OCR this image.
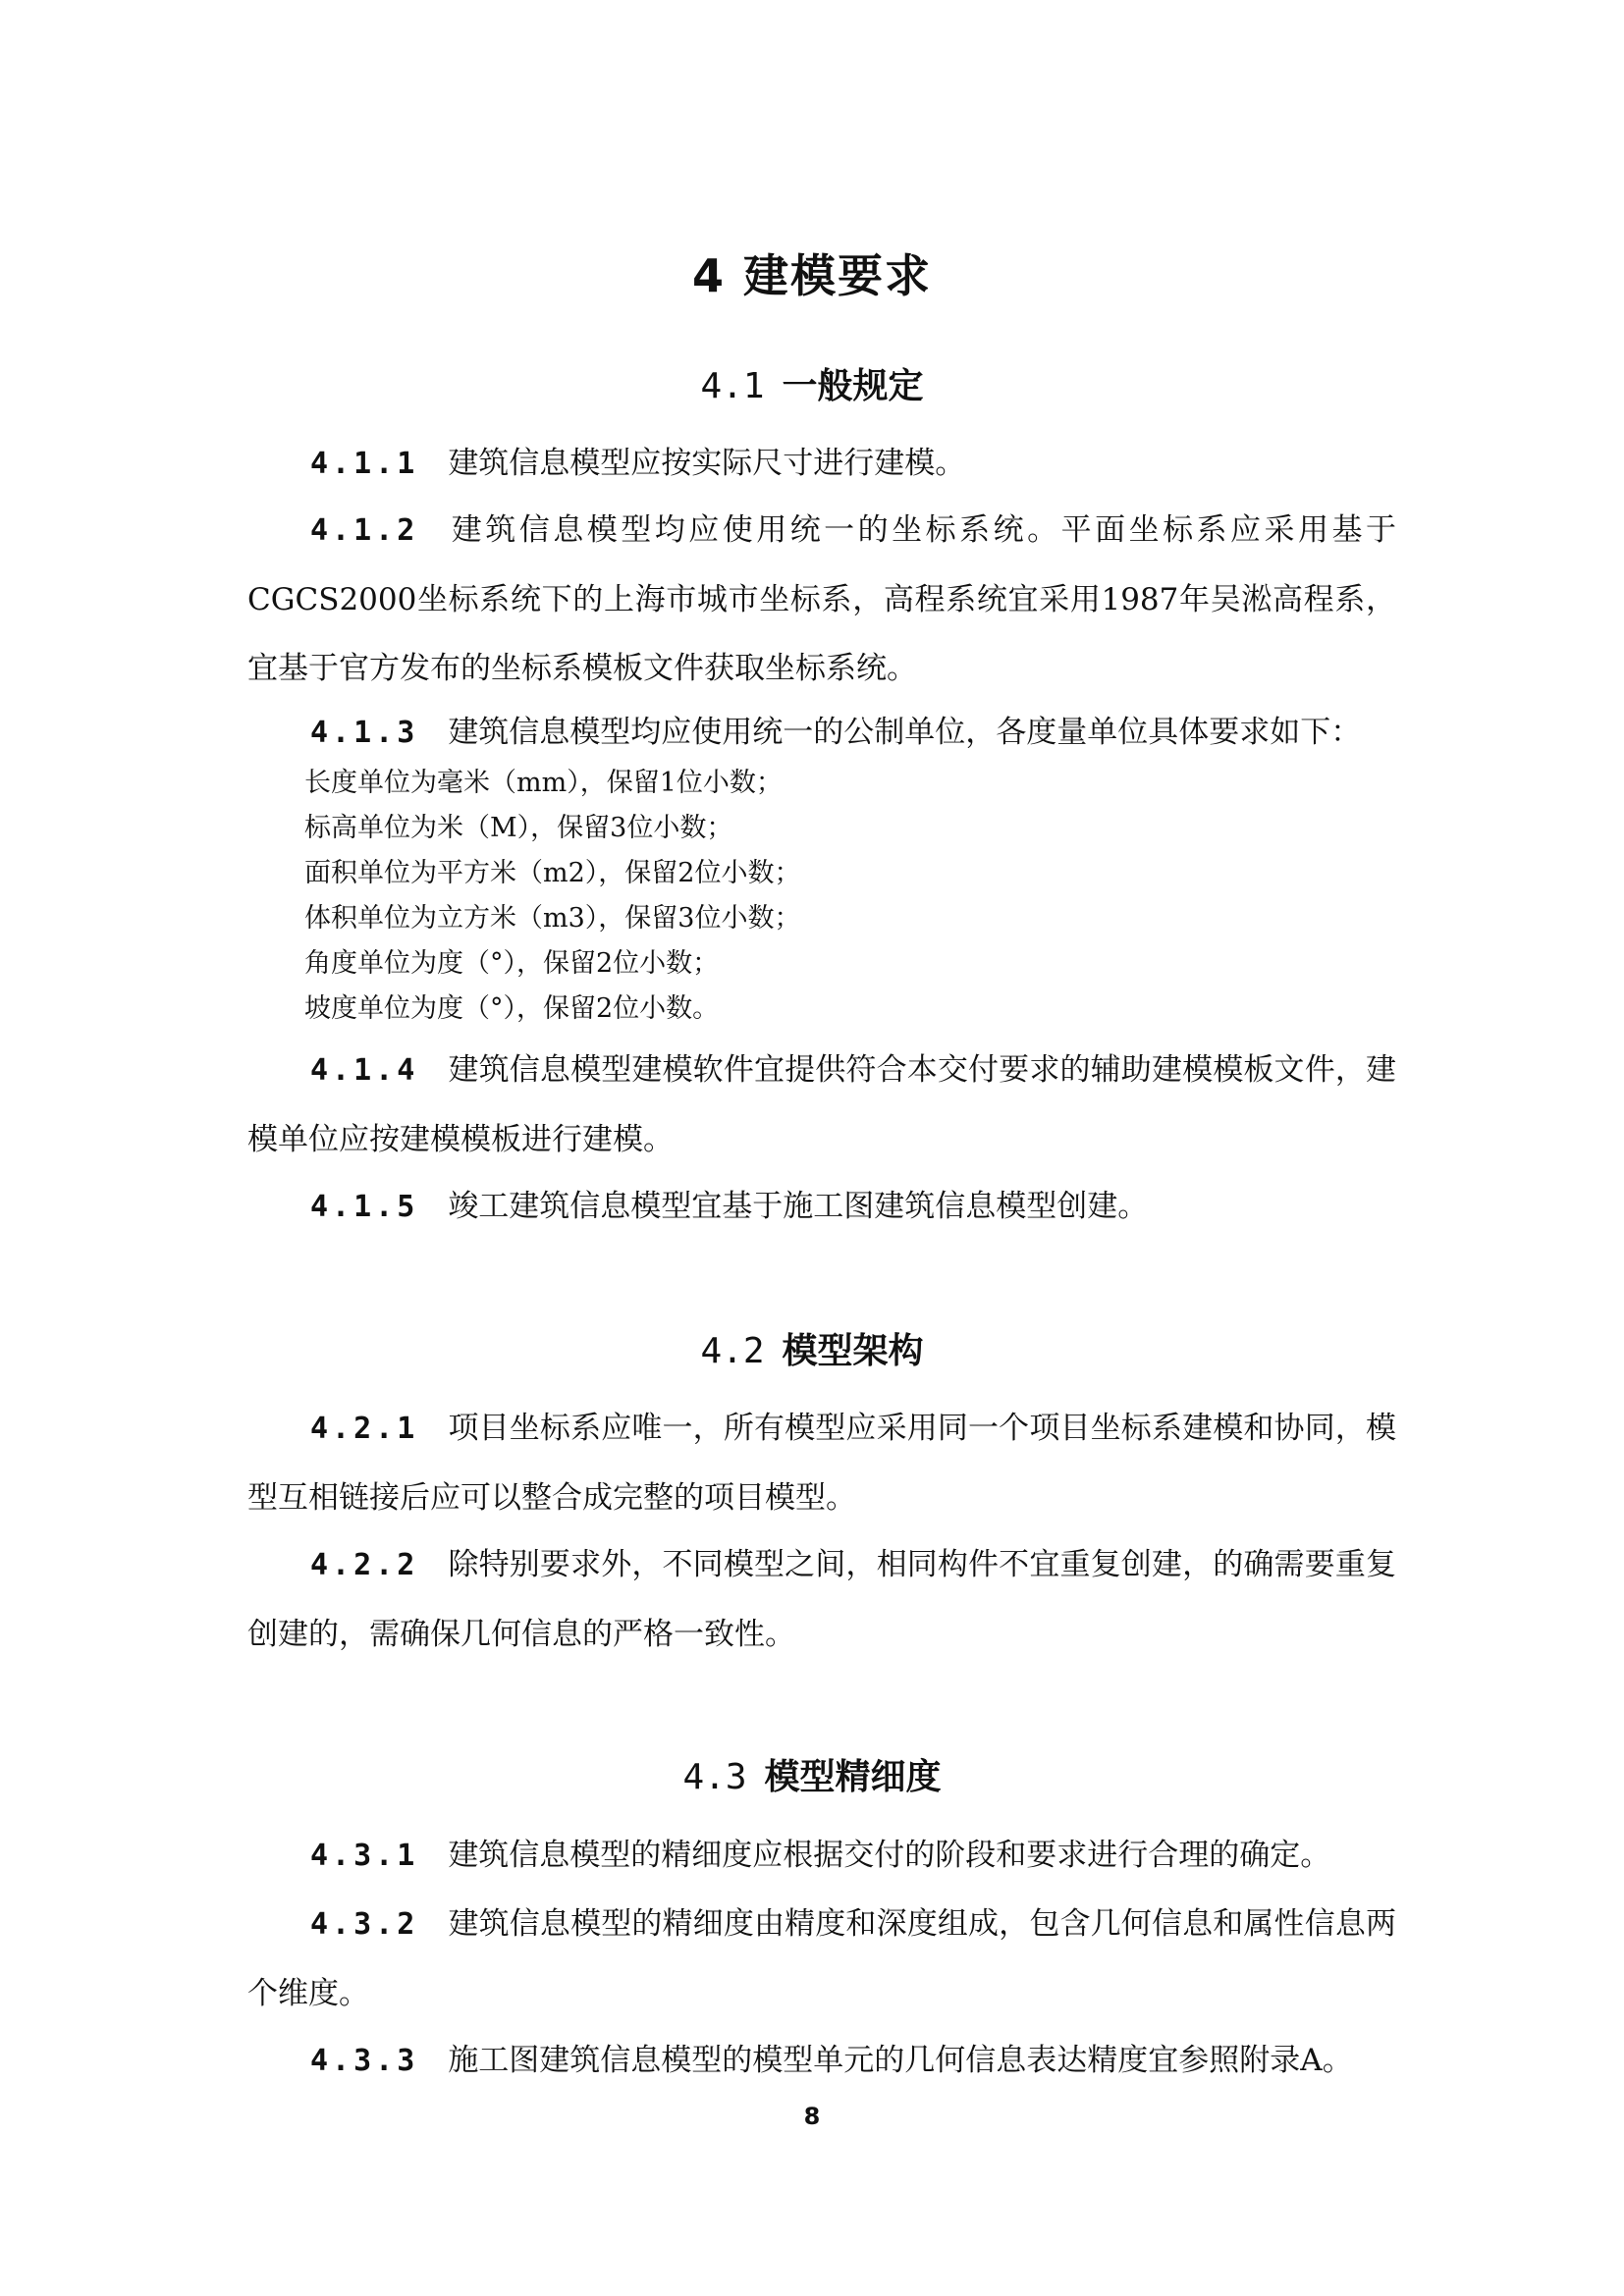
4 建模要求
4.1 一般规定
4.1.1 建筑信息模型应按实际尺寸进行建模。
4.1.2 建筑信息模型均应使用统一的坐标系统。平面坐标系应采用基于CGCS2000坐标系统下的上海市城市坐标系，高程系统宜采用1987年吴淞高程系，宜基于官方发布的坐标系模板文件获取坐标系统。
4.1.3 建筑信息模型均应使用统一的公制单位，各度量单位具体要求如下：
长度单位为毫米（mm），保留1位小数；
标高单位为米（M），保留3位小数；
面积单位为平方米（m2），保留2位小数；
体积单位为立方米（m3），保留3位小数；
角度单位为度（°），保留2位小数；
坡度单位为度（°），保留2位小数。
4.1.4 建筑信息模型建模软件宜提供符合本交付要求的辅助建模模板文件，建模单位应按建模模板进行建模。
4.1.5 竣工建筑信息模型宜基于施工图建筑信息模型创建。
4.2 模型架构
4.2.1 项目坐标系应唯一，所有模型应采用同一个项目坐标系建模和协同，模型互相链接后应可以整合成完整的项目模型。
4.2.2 除特别要求外，不同模型之间，相同构件不宜重复创建，的确需要重复创建的，需确保几何信息的严格一致性。
4.3 模型精细度
4.3.1 建筑信息模型的精细度应根据交付的阶段和要求进行合理的确定。
4.3.2 建筑信息模型的精细度由精度和深度组成，包含几何信息和属性信息两个维度。
4.3.3 施工图建筑信息模型的模型单元的几何信息表达精度宜参照附录A。
8
